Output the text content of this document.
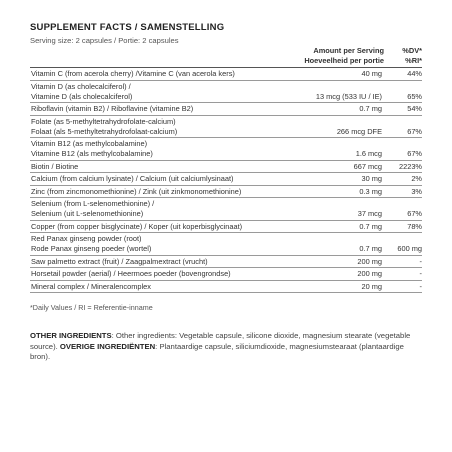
SUPPLEMENT FACTS / SAMENSTELLING
Serving size: 2 capsules / Portie: 2 capsules
	Amount per Serving	%DV*
	Hoeveelheid per portie	%RI*

Vitamin C (from acerola cherry) /Vitamine C (van acerola kers)	40 mg	44%

Vitamin D (as cholecalciferol) /
Vitamine D (als cholecalciferol)	13 mcg (533 IU / IE)	65%

Riboflavin (vitamin B2) / Riboflavine (vitamine B2)	0.7 mg	54%

Folate (as 5-methyltetrahydrofolate-calcium)
Folaat (als 5-methyltetrahydrofolaat-calcium)	266 mcg DFE	67%

Vitamin B12 (as methylcobalamine)
Vitamine B12 (als methylcobalamine)	1.6 mcg	67%

Biotin / Biotine	667 mcg	2223%

Calcium (from calcium lysinate) / Calcium (uit calciumlysinaat)	30 mg	2%

Zinc (from zincmonomethionine) / Zink (uit zinkmonomethionine)	0.3 mg	3%

Selenium (from L-selenomethionine) /
Selenium (uit L-selenomethionine)	37 mcg	67%

Copper (from copper bisglycinate) / Koper (uit koperbisglycinaat)	0.7 mg	78%

Red Panax ginseng powder (root)
Rode Panax ginseng poeder (wortel)	0.7 mg	600 mg

Saw palmetto extract (fruit) / Zaagpalmextract (vrucht)	200 mg	-

Horsetail powder (aerial) / Heermoes poeder (bovengrondse)	200 mg	-

Mineral complex / Mineralencomplex	20 mg	-
*Daily Values / RI = Referentie-inname
OTHER INGREDIENTS: Other ingredients: Vegetable capsule, silicone dioxide, magnesium stearate (vegetable source). OVERIGE INGREDIËNTEN: Plantaardige capsule, siliciumdioxide, magnesiumstearaat (plantaardige bron).
